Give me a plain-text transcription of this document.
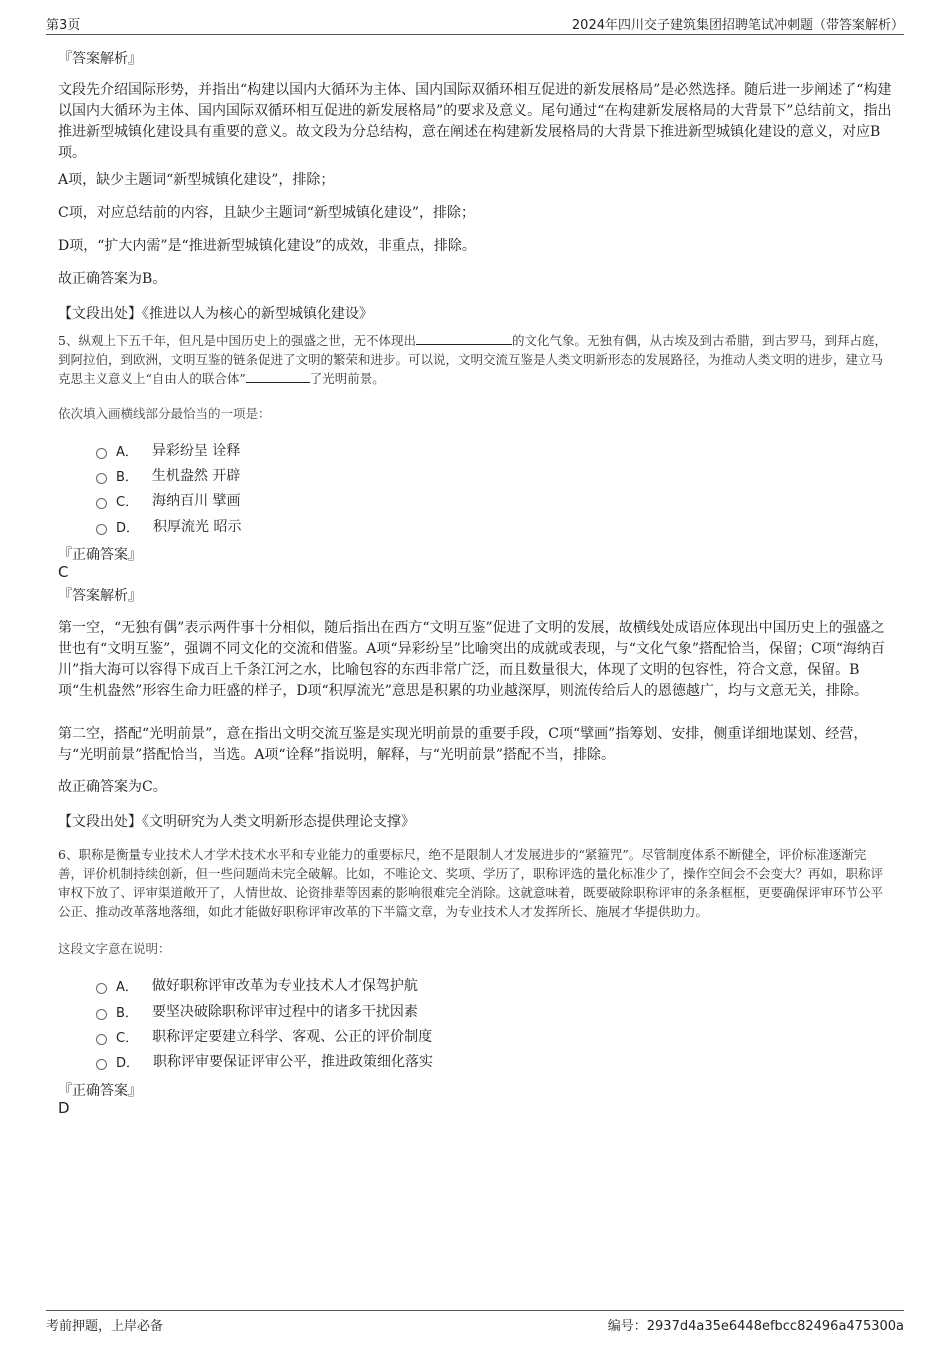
第3页	2024年四川交子建筑集团招聘笔试冲刺题（带答案解析）
『答案解析』
文段先介绍国际形势，并指出“构建以国内大循环为主体、国内国际双循环相互促进的新发展格局”是必然选择。随后进一步阐述了“构建以国内大循环为主体、国内国际双循环相互促进的新发展格局”的要求及意义。尾句通过“在构建新发展格局的大背景下”总结前文，指出推进新型城镇化建设具有重要的意义。故文段为分总结构，意在阐述在构建新发展格局的大背景下推进新型城镇化建设的意义，对应B项。
A项，缺少主题词“新型城镇化建设”，排除；
C项，对应总结前的内容，且缺少主题词“新型城镇化建设”，排除；
D项，“扩大内需”是“推进新型城镇化建设”的成效，非重点，排除。
故正确答案为B。
【文段出处】《推进以人为核心的新型城镇化建设》
5、纵观上下五千年，但凡是中国历史上的强盛之世，无不体现出	的文化气象。无独有偶，从古埃及到古希腊，到古罗马，到拜占庭，到阿拉伯，到欧洲，文明互鉴的链条促进了文明的繁荣和进步。可以说，文明交流互鉴是人类文明新形态的发展路径，为推动人类文明的进步，建立马克思主义意义上“自由人的联合体”	了光明前景。
依次填入画横线部分最恰当的一项是：
A． 异彩纷呈 诠释
B． 生机盎然 开辟
C． 海纳百川 擘画
D． 积厚流光 昭示
『正确答案』
C
『答案解析』
第一空，“无独有偶”表示两件事十分相似，随后指出在西方“文明互鉴”促进了文明的发展，故横线处成语应体现出中国历史上的强盛之世也有“文明互鉴”，强调不同文化的交流和借鉴。A项“异彩纷呈”比喻突出的成就或表现，与“文化气象”搭配恰当，保留；C项“海纳百川”指大海可以容得下成百上千条江河之水，比喻包容的东西非常广泛，而且数量很大，体现了文明的包容性，符合文意，保留。B项“生机盎然”形容生命力旺盛的样子，D项“积厚流光”意思是积累的功业越深厚，则流传给后人的恩德越广，均与文意无关，排除。
第二空，搭配“光明前景”，意在指出文明交流互鉴是实现光明前景的重要手段，C项“擘画”指筹划、安排，侧重详细地谋划、经营，与“光明前景”搭配恰当，当选。A项“诠释”指说明，解释，与“光明前景”搭配不当，排除。
故正确答案为C。
【文段出处】《文明研究为人类文明新形态提供理论支撑》
6、职称是衡量专业技术人才学术技术水平和专业能力的重要标尺，绝不是限制人才发展进步的“紧箍咒”。尽管制度体系不断健全，评价标准逐渐完善，评价机制持续创新，但一些问题尚未完全破解。比如，不唯论文、奖项、学历了，职称评选的量化标准少了，操作空间会不会变大？再如，职称评审权下放了、评审渠道敞开了，人情世故、论资排辈等因素的影响很难完全消除。这就意味着，既要破除职称评审的条条框框，更要确保评审环节公平公正、推动改革落地落细，如此才能做好职称评审改革的下半篇文章，为专业技术人才发挥所长、施展才华提供助力。
这段文字意在说明：
A． 做好职称评审改革为专业技术人才保驾护航
B． 要坚决破除职称评审过程中的诸多干扰因素
C． 职称评定要建立科学、客观、公正的评价制度
D． 职称评审要保证评审公平，推进政策细化落实
『正确答案』
D
考前押题，上岸必备	编号：2937d4a35e6448efbcc82496a475300a
